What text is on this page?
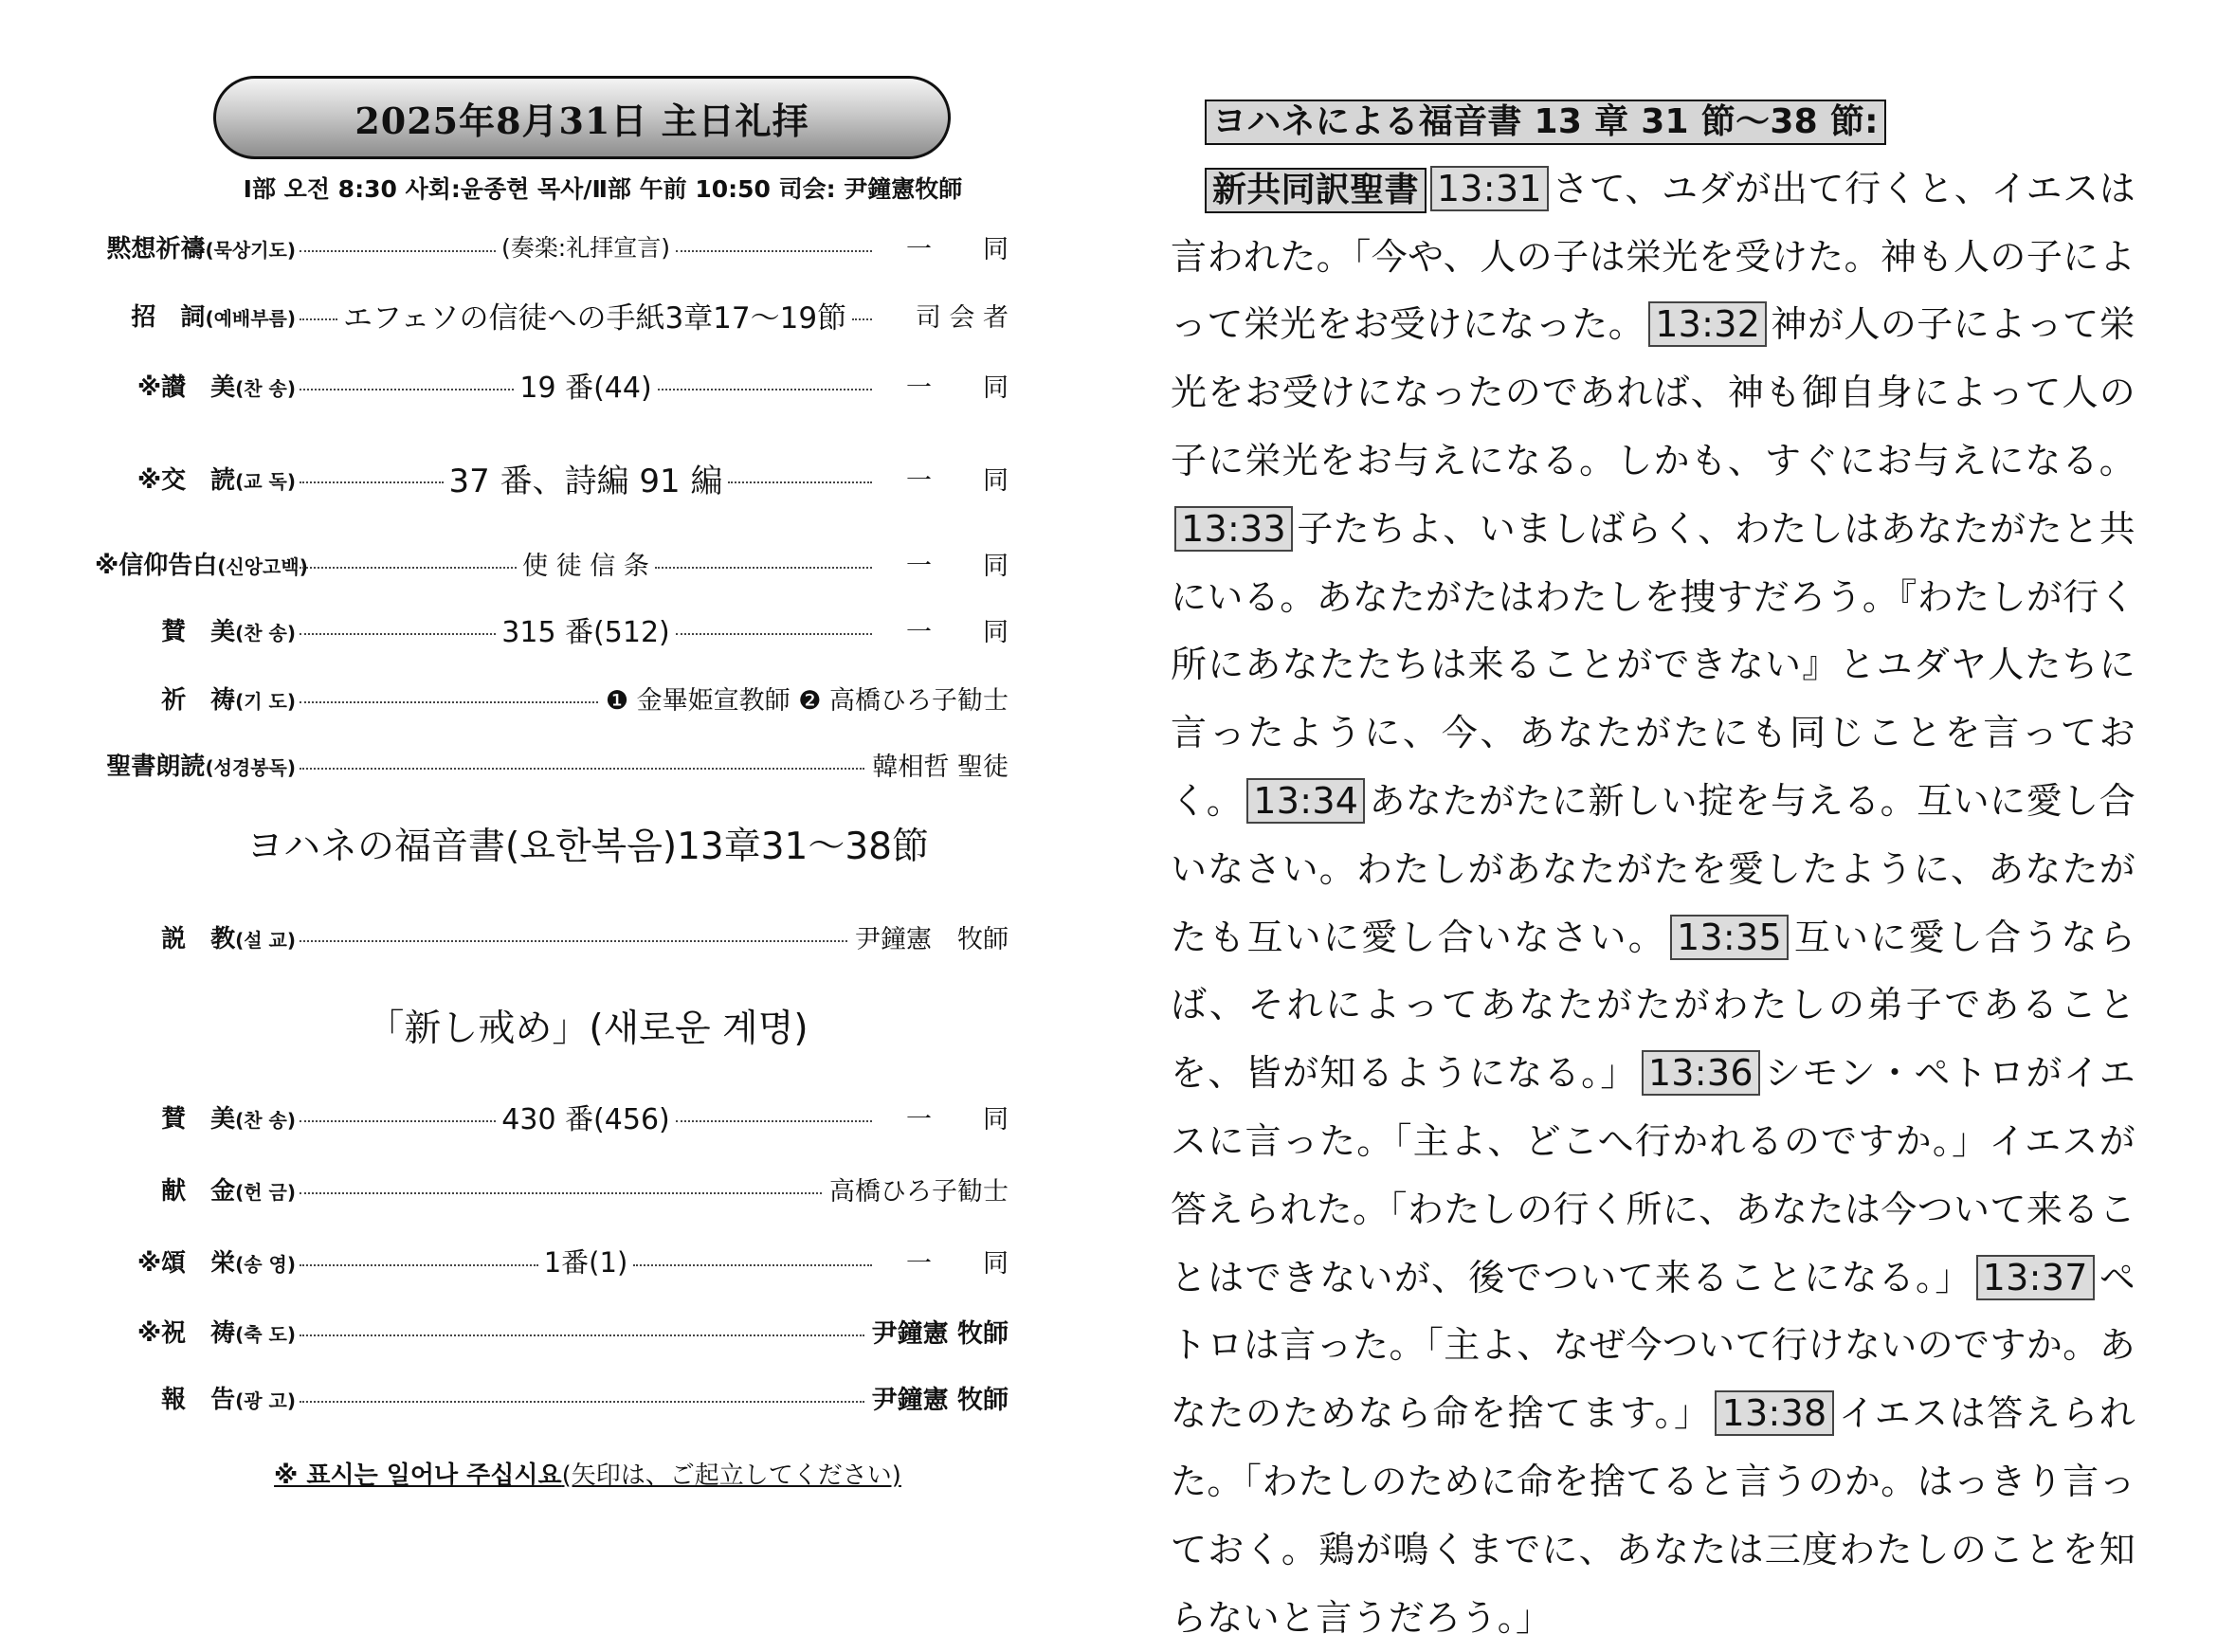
2025年8月31日 主日礼拝
Ⅰ部 오전 8:30 사회:윤종현 목사/Ⅱ部 午前 10:50 司会: 尹鐘憲牧師
黙想祈禱(묵상기도)	(奏楽:礼拝宣言)	一　　同
招　詞(예배부름) エフェソの信徒への手紙3章17～19節	司 会 者
※讃　美(찬 송)	19 番(44)	一　　同
※交　読(교 독)	37 番、詩編 91 編	一　　同
※信仰告白(신앙고백)	使 徒 信 条	一　　同
賛　美(찬 송)	315 番(512)	一　　同
祈　祷(기 도)	❶ 金畢姫宣教師 ❷ 高橋ひろ子勧士
聖書朗読(성경봉독)	韓相哲 聖徒
ヨハネの福音書(요한복음)13章31～38節
説　教(설 교)	尹鐘憲　牧師
「新し戒め」(새로운 계명)
賛　美(찬 송)	430 番(456)	一　　同
献　金(헌 금)	高橋ひろ子勧士
※頌　栄(송 영)	1番(1)	一　　同
※祝　祷(축 도)	尹鐘憲 牧師
報　告(광 고)	尹鐘憲 牧師
※ 표시는 일어나 주십시요(矢印は、ご起立してください)
ヨハネによる福音書 13 章 31 節～38 節:
新共同訳聖書 13:31 さて、ユダが出て行くと、イエスは言われた。「今や、人の子は栄光を受けた。神も人の子によって栄光をお受けになった。 13:32 神が人の子によって栄光をお受けになったのであれば、神も御自身によって人の子に栄光をお与えになる。しかも、すぐにお与えになる。13:33 子たちよ、いましばらく、わたしはあなたがたと共にいる。あなたがたはわたしを捜すだろう。『わたしが行く所にあなたたちは来ることができない』とユダヤ人たちに言ったように、今、あなたがたにも同じことを言っておく。 13:34 あなたがたに新しい掟を与える。互いに愛し合いなさい。わたしがあなたがたを愛したように、あなたがたも互いに愛し合いなさい。 13:35 互いに愛し合うならば、それによってあなたがたがわたしの弟子であることを、皆が知るようになる。」 13:36 シモン・ペトロがイエスに言った。「主よ、どこへ行かれるのですか。」イエスが答えられた。「わたしの行く所に、あなたは今ついて来ることはできないが、後でついて来ることになる。」 13:37 ペトロは言った。「主よ、なぜ今ついて行けないのですか。あなたのためなら命を捨てます。」 13:38 イエスは答えられた。「わたしのために命を捨てると言うのか。はっきり言っておく。鶏が鳴くまでに、あなたは三度わたしのことを知らないと言うだろう。」
